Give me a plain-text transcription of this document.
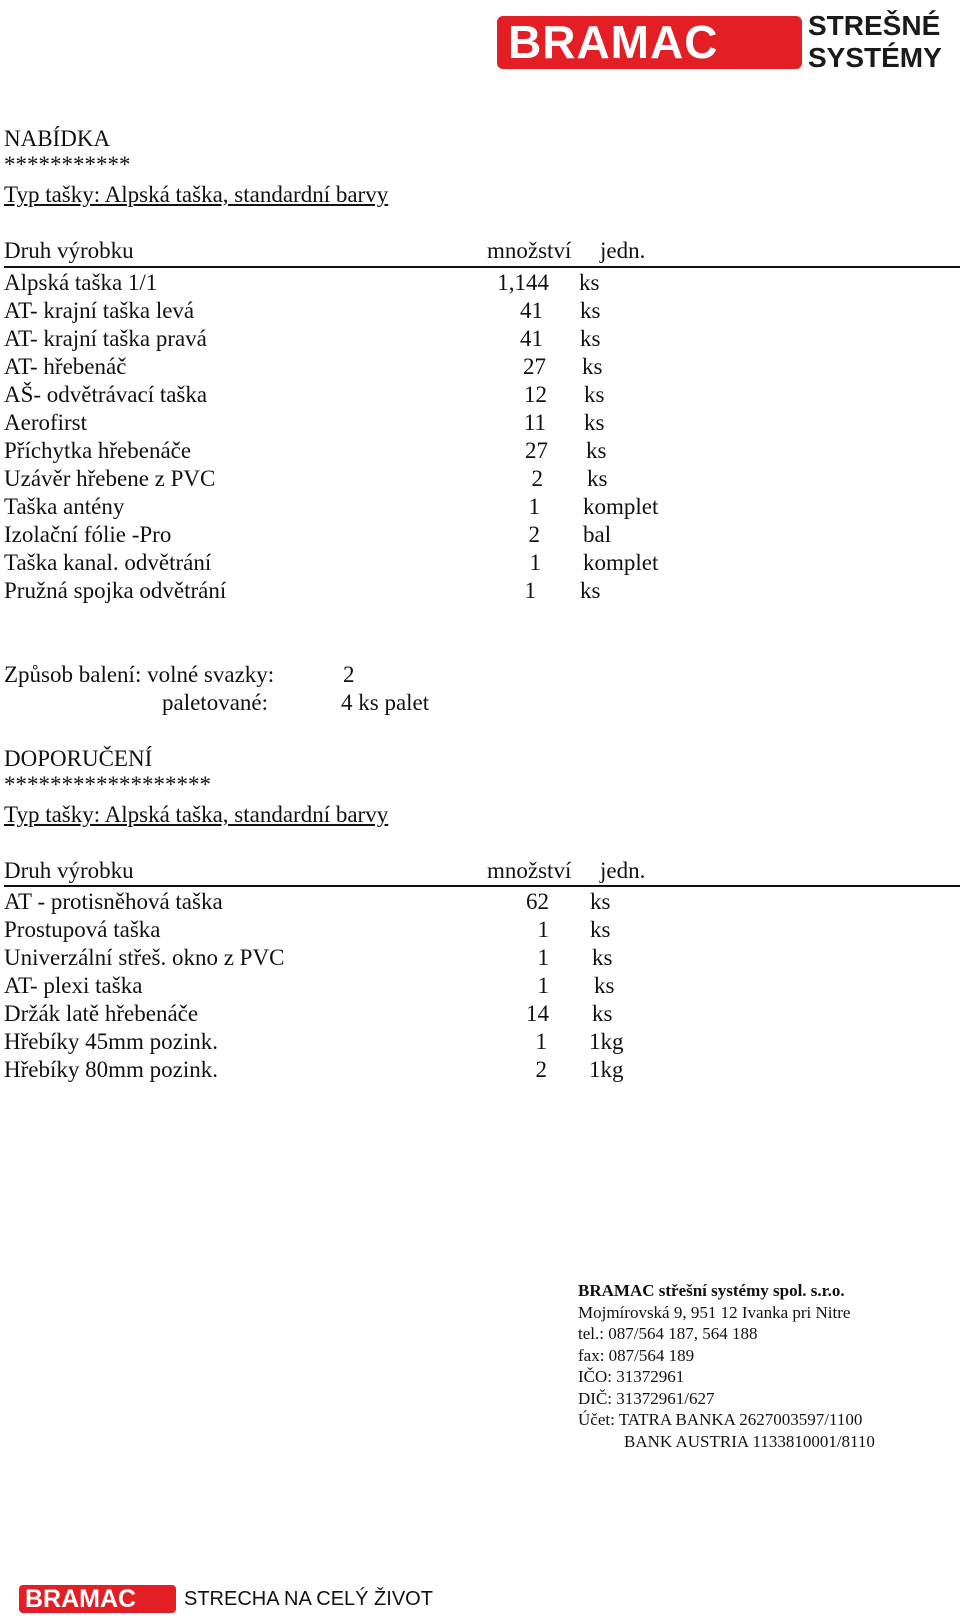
BRAMAC	STREŠNÉ
SYSTÉMY
NABÍDKA
***********
Typ tašky: Alpská taška, standardní barvy
Druh výrobku	množství jedn.
Alpská taška 1/1	1,144 ks
AT- krajní taška levá	41 ks
AT- krajní taška pravá	41 ks
AT- hřebenáč	27 ks
AŠ- odvětrávací taška	12 ks
Aerofirst	11 ks
Příchytka hřebenáče	27 ks
Uzávěr hřebene z PVC	2 ks
Taška antény	1 komplet
Izolační fólie -Pro	2 bal
Taška kanal. odvětrání	1 komplet
Pružná spojka odvětrání	1 ks
Způsob balení: volné svazky:	2
paletované:	4 ks palet
DOPORUČENÍ
******************
Typ tašky: Alpská taška, standardní barvy
Druh výrobku	množství jedn.
AT - protisněhová taška	62 ks
Prostupová taška	1 ks
Univerzální střeš. okno z PVC	1 ks
AT- plexi taška	1 ks
Držák latě hřebenáče	14 ks
Hřebíky 45mm pozink.	1 1kg
Hřebíky 80mm pozink.	2 1kg
BRAMAC střešní systémy spol. s.r.o.
Mojmírovská 9, 951 12 Ivanka pri Nitre
tel.: 087/564 187, 564 188
fax: 087/564 189
IČO: 31372961
DIČ: 31372961/627
Účet: TATRA BANKA 2627003597/1100
BANK AUSTRIA 1133810001/8110
BRAMAC STRECHA NA CELÝ ŽIVOT
